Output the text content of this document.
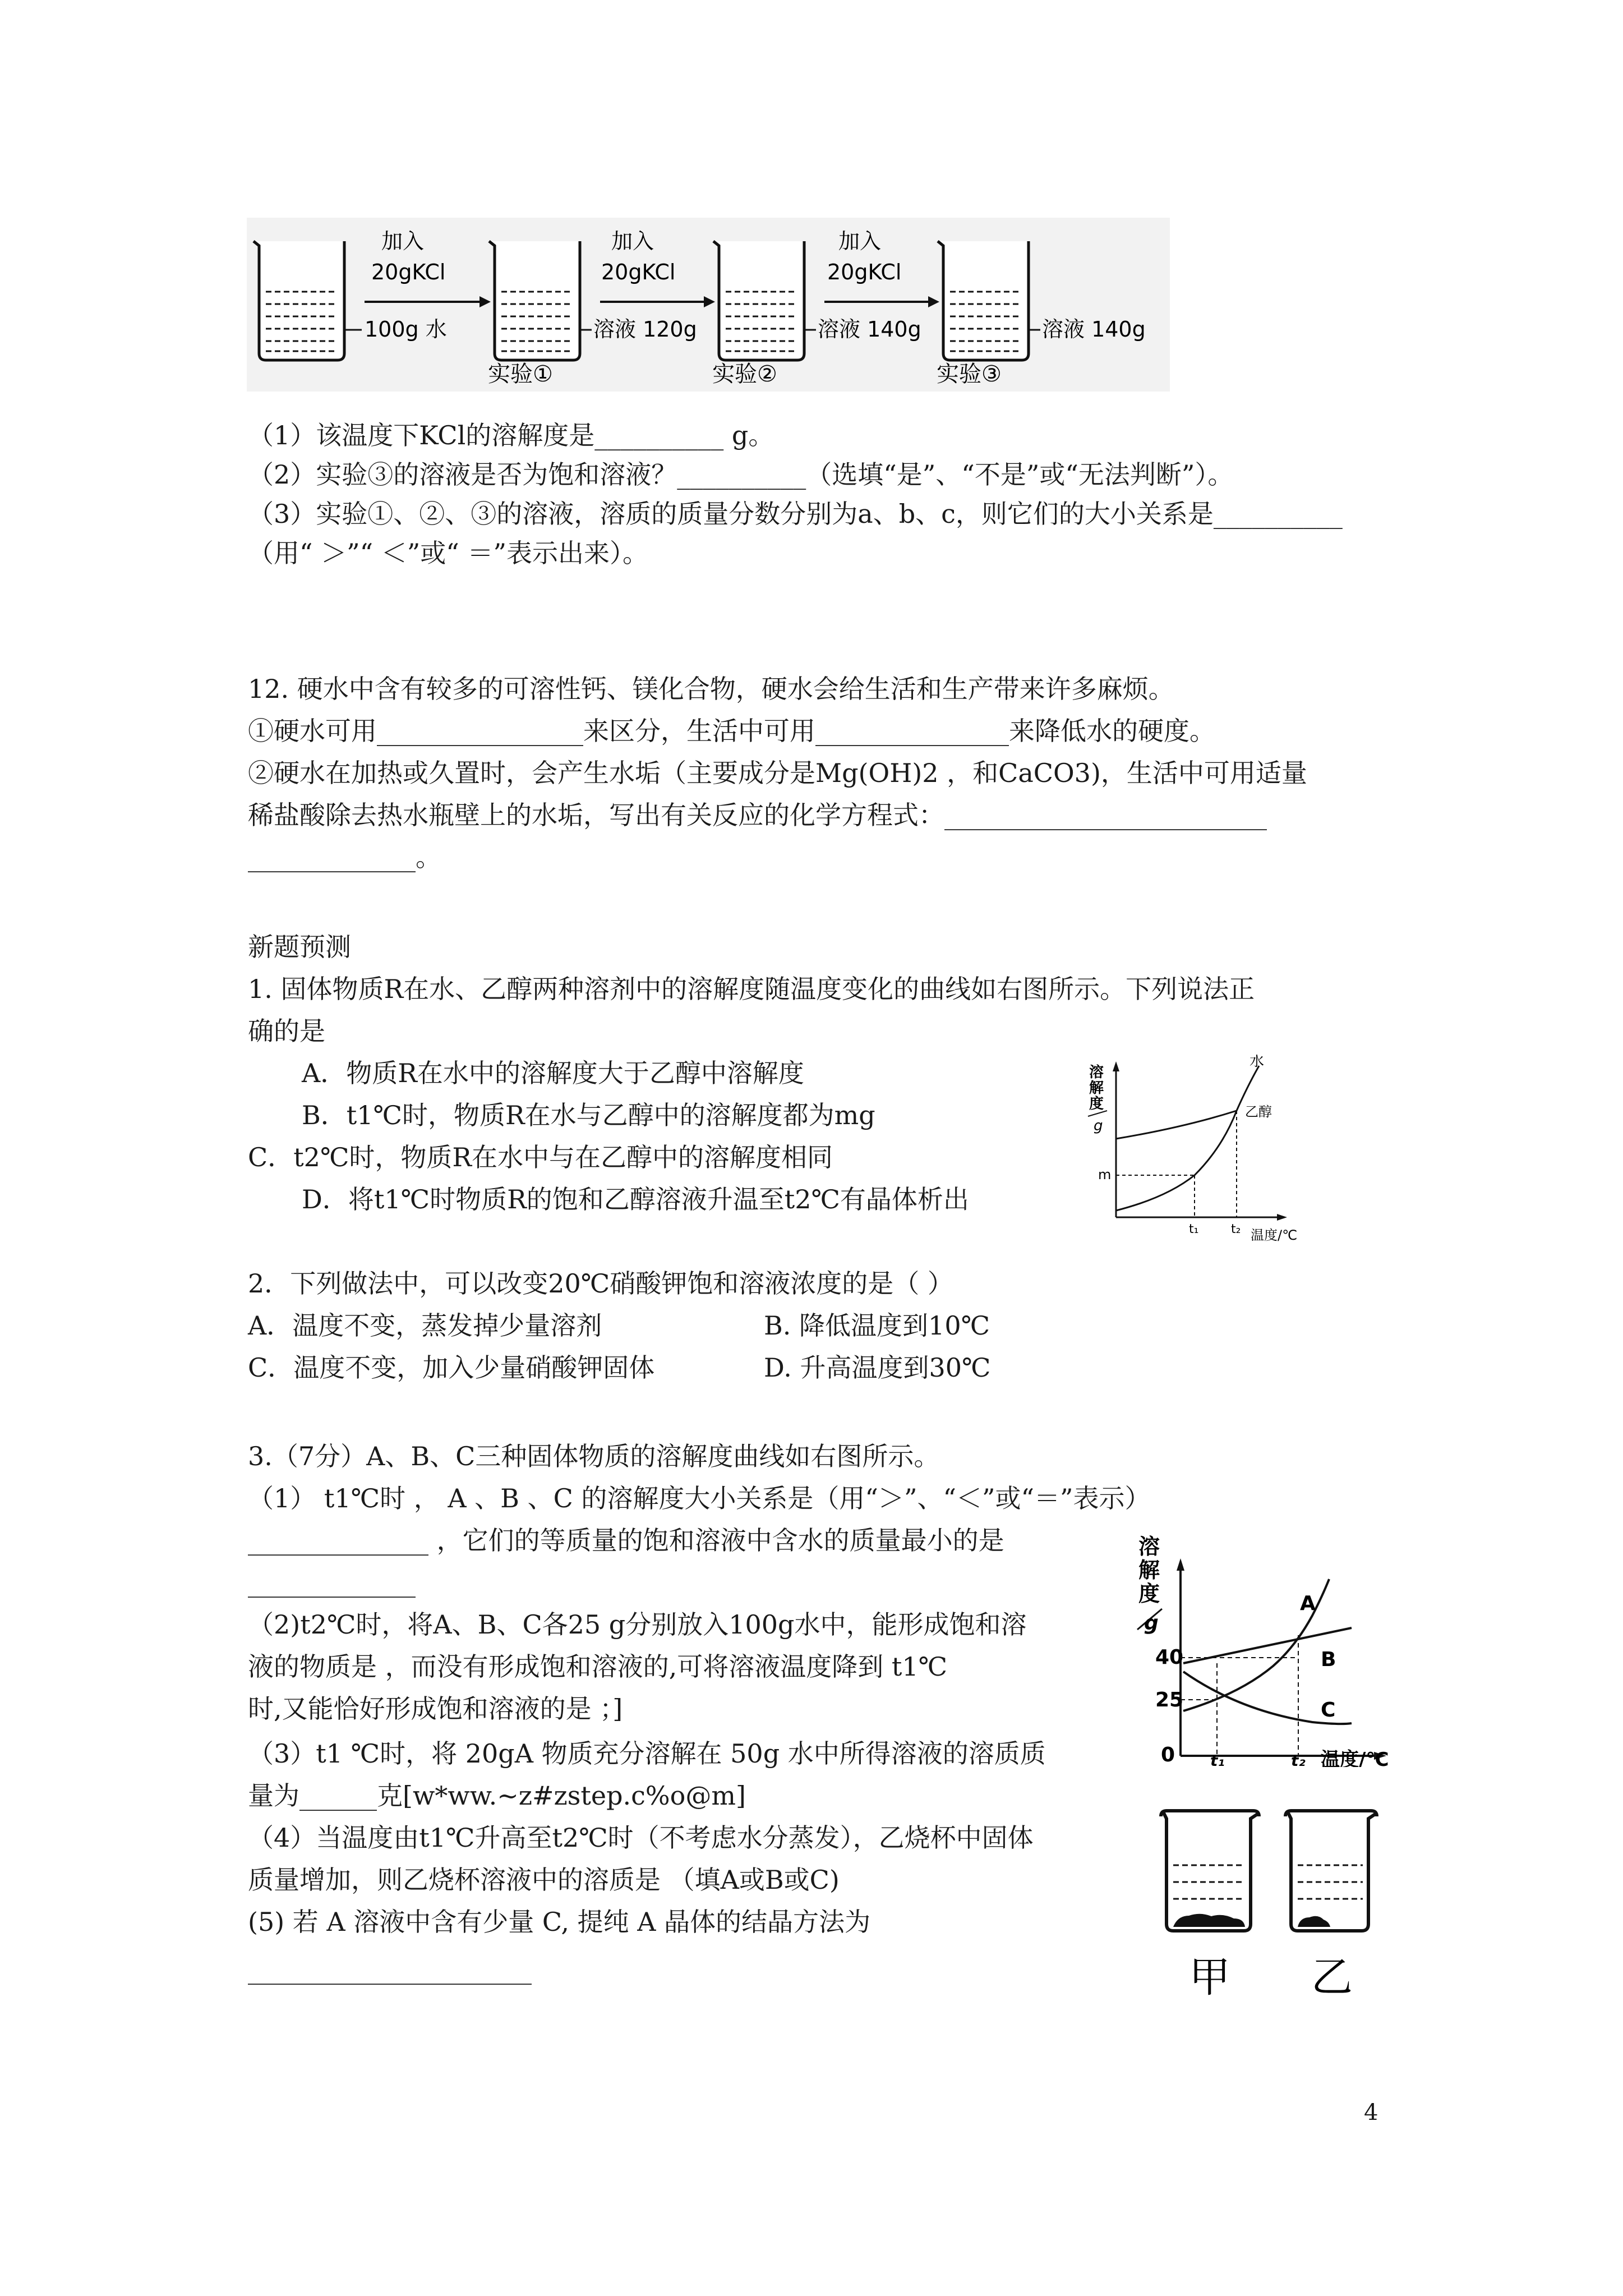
加入
20gKCl
加入
20gKCl
加入
20gKCl
100g 水	溶液 120g	溶液 140g	溶液 140g
实验①	实验②	实验③
（1）该温度下KCl的溶解度是__________ g。
（2）实验③的溶液是否为饱和溶液？__________（选填“是”、“不是”或“无法判断”）。
（3）实验①、②、③的溶液，溶质的质量分数分别为a、b、c，则它们的大小关系是__________
（用“ ＞”“ ＜”或“ ＝”表示出来）。
12. 硬水中含有较多的可溶性钙、镁化合物，硬水会给生活和生产带来许多麻烦。
①硬水可用________________来区分，生活中可用_______________来降低水的硬度。
②硬水在加热或久置时，会产生水垢（主要成分是Mg(OH)2 ，和CaCO3)，生活中可用适量
稀盐酸除去热水瓶壁上的水垢，写出有关反应的化学方程式：_________________________
_____________。
新题预测
1. 固体物质R在水、乙醇两种溶剂中的溶解度随温度变化的曲线如右图所示。下列说法正
确的是
A．物质R在水中的溶解度大于乙醇中溶解度
B．t1℃时，物质R在水与乙醇中的溶解度都为mg
C．t2℃时，物质R在水中与在乙醇中的溶解度相同
D．将t1℃时物质R的饱和乙醇溶液升温至t2℃有晶体析出
溶
解
度
g
水
乙醇
m
t₁	t₂ 温度/℃
2．下列做法中，可以改变20℃硝酸钾饱和溶液浓度的是（ ）
A．温度不变，蒸发掉少量溶剂	B. 降低温度到10℃
C．温度不变，加入少量硝酸钾固体	D. 升高温度到30℃
3.（7分）A、B、C三种固体物质的溶解度曲线如右图所示。
（1） t1℃时 ， A 、B 、C 的溶解度大小关系是（用“＞”、“＜”或“＝”表示）
______________ ，它们的等质量的饱和溶液中含水的质量最小的是
_____________
（2)t2℃时，将A、B、C各25 g分别放入100g水中，能形成饱和溶
液的物质是 ，而没有形成饱和溶液的,可将溶液温度降到 t1℃
时,又能恰好形成饱和溶液的是 ；]
（3）t1 ℃时，将 20gA 物质充分溶解在 50g 水中所得溶液的溶质质
量为______克[w*ww.~z#zstep.c%o@m]
（4）当温度由t1℃升高至t2℃时（不考虑水分蒸发），乙烧杯中固体
质量增加，则乙烧杯溶液中的溶质是 （填A或B或C)
(5) 若 A 溶液中含有少量 C, 提纯 A 晶体的结晶方法为
______________________
溶
解
度
g
40
25
0
A
B
C
t₁	t₂ 温度/℃
甲 乙
4
